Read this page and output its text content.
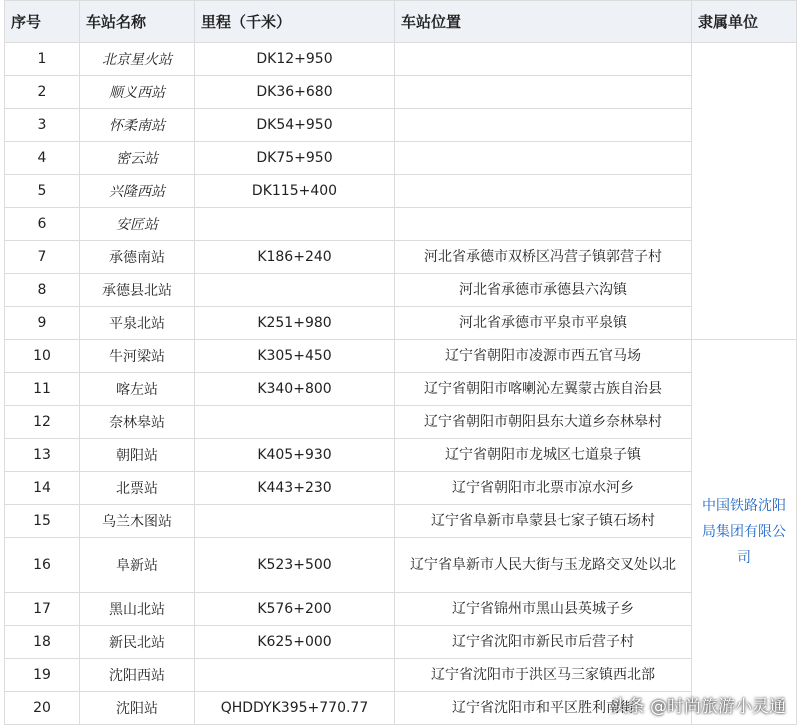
序号	车站名称	里程（千米）	车站位置	隶属单位
1	北京星火站	DK12+950		
2	顺义西站	DK36+680		
3	怀柔南站	DK54+950		
4	密云站	DK75+950		
5	兴隆西站	DK115+400		
6	安匠站			
7	承德南站	K186+240	河北省承德市双桥区冯营子镇郭营子村	
8	承德县北站		河北省承德市承德县六沟镇	
9	平泉北站	K251+980	河北省承德市平泉市平泉镇	
10	牛河梁站	K305+450	辽宁省朝阳市凌源市西五官马场	中国铁路沈阳局集团有限公司
11	喀左站	K340+800	辽宁省朝阳市喀喇沁左翼蒙古族自治县	
12	奈林皋站		辽宁省朝阳市朝阳县东大道乡奈林皋村	
13	朝阳站	K405+930	辽宁省朝阳市龙城区七道泉子镇	
14	北票站	K443+230	辽宁省朝阳市北票市凉水河乡	
15	乌兰木图站		辽宁省阜新市阜蒙县七家子镇石场村	
16	阜新站	K523+500	辽宁省阜新市人民大街与玉龙路交叉处以北	
17	黑山北站	K576+200	辽宁省锦州市黑山县英城子乡	
18	新民北站	K625+000	辽宁省沈阳市新民市后营子村	
19	沈阳西站		辽宁省沈阳市于洪区马三家镇西北部	
20	沈阳站	QHDDYK395+770.77	辽宁省沈阳市和平区胜利南街	
头条 @时尚旅游小灵通
